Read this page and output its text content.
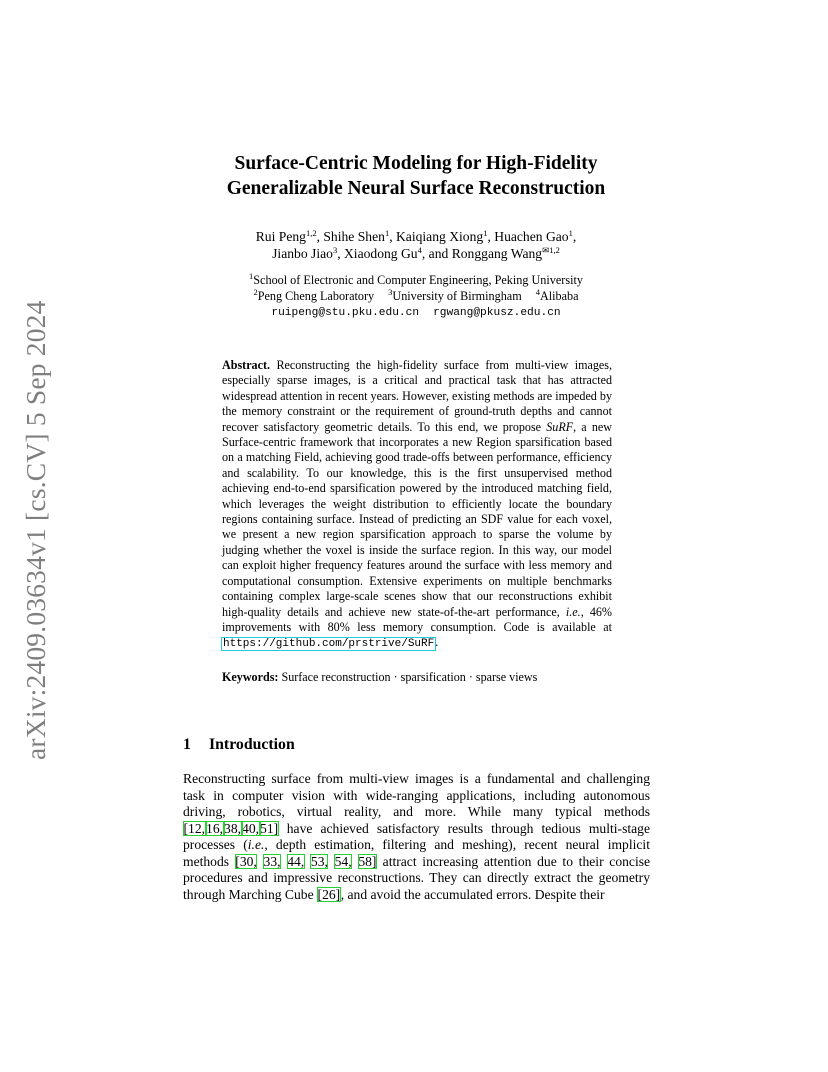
arXiv:2409.03634v1 [cs.CV] 5 Sep 2024
Surface-Centric Modeling for High-Fidelity
Generalizable Neural Surface Reconstruction
Rui Peng$^{1,2}$, Shihe Shen$^1$, Kaiqiang Xiong$^1$, Huachen Gao$^1$,
Jianbo Jiao$^3$, Xiaodong Gu$^4$, and Ronggang Wang$^{✉1,2}$
$^1$School of Electronic and Computer Engineering, Peking University
$^2$Peng Cheng Laboratory $^3$University of Birmingham $^4$Alibaba
ruipeng@stu.pku.edu.cn rgwang@pkusz.edu.cn
Abstract. Reconstructing the high-fidelity surface from multi-view images, especially sparse images, is a critical and practical task that has attracted widespread attention in recent years. However, existing methods are impeded by the memory constraint or the requirement of ground-truth depths and cannot recover satisfactory geometric details. To this end, we propose SuRF, a new Surface-centric framework that incorporates a new Region sparsification based on a matching Field, achieving good trade-offs between performance, efficiency and scalability. To our knowledge, this is the first unsupervised method achieving end-to-end sparsification powered by the introduced matching field, which leverages the weight distribution to efficiently locate the boundary regions containing surface. Instead of predicting an SDF value for each voxel, we present a new region sparsification approach to sparse the volume by judging whether the voxel is inside the surface region. In this way, our model can exploit higher frequency features around the surface with less memory and computational consumption. Extensive experiments on multiple benchmarks containing complex large-scale scenes show that our reconstructions exhibit high-quality details and achieve new state-of-the-art performance, i.e., 46% improvements with 80% less memory consumption. Code is available at https://github.com/prstrive/SuRF.
Keywords: Surface reconstruction · sparsification · sparse views
1 Introduction
Reconstructing surface from multi-view images is a fundamental and challenging task in computer vision with wide-ranging applications, including autonomous driving, robotics, virtual reality, and more. While many typical methods [12,16,38,40,51] have achieved satisfactory results through tedious multi-stage processes (i.e., depth estimation, filtering and meshing), recent neural implicit methods [30, 33, 44, 53, 54, 58] attract increasing attention due to their concise procedures and impressive reconstructions. They can directly extract the geometry through Marching Cube [26], and avoid the accumulated errors. Despite their
